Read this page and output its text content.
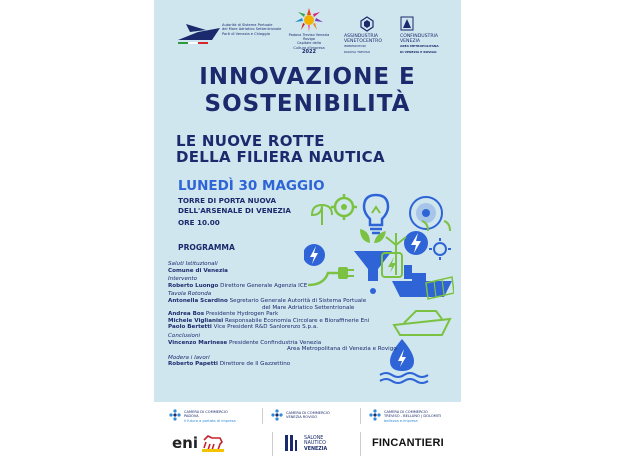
Autorità di Sistema Portuale
del Mare Adriatico Settentrionale
Porti di Venezia e Chioggia	Padova Treviso Venezia Rovigo
Capitale della
Cultura d'Impresa
2022
ASSINDUSTRIA
VENETOCENTRO
IMPRENDITORI
PADOVA TREVISO
CONFINDUSTRIA
VENEZIA
AREA METROPOLITANA
DI VENEZIA E ROVIGO
INNOVAZIONE E
SOSTENIBILITÀ
LE NUOVE ROTTE
DELLA FILIERA NAUTICA
LUNEDÌ 30 MAGGIO
TORRE DI PORTA NUOVA
DELL'ARSENALE DI VENEZIA
ORE 10.00
PROGRAMMA
Saluti Istituzionali
Comune di Venezia
Intervento
Roberto Luongo Direttore Generale Agenzia ICE
Tavola Rotonda
Antonella Scardino Segretario Generale Autorità di Sistema Portuale
del Mare Adriatico Settentrionale
Andrea Bos Presidente Hydrogen Park
Michele Viglianisi Responsabile Economia Circolare e Bioraffinerie Eni
Paolo Bertetti Vice President R&D Sanlorenzo S.p.a.
Conclusioni
Vincenzo Marinese Presidente Confindustria Venezia
Area Metropolitana di Venezia e Rovigo
Modera i lavori
Roberto Papetti Direttore de Il Gazzettino
CAMERA DI COMMERCIO
PADOVA
il futuro a portata di impresa
CAMERA DI COMMERCIO
VENEZIA ROVIGO
CAMERA DI COMMERCIO
TREVISO - BELLUNO | DOLOMITI
bellezza e impresa
eni	SALONE
NAUTICO
VENEZIA
FINCANTIERI
